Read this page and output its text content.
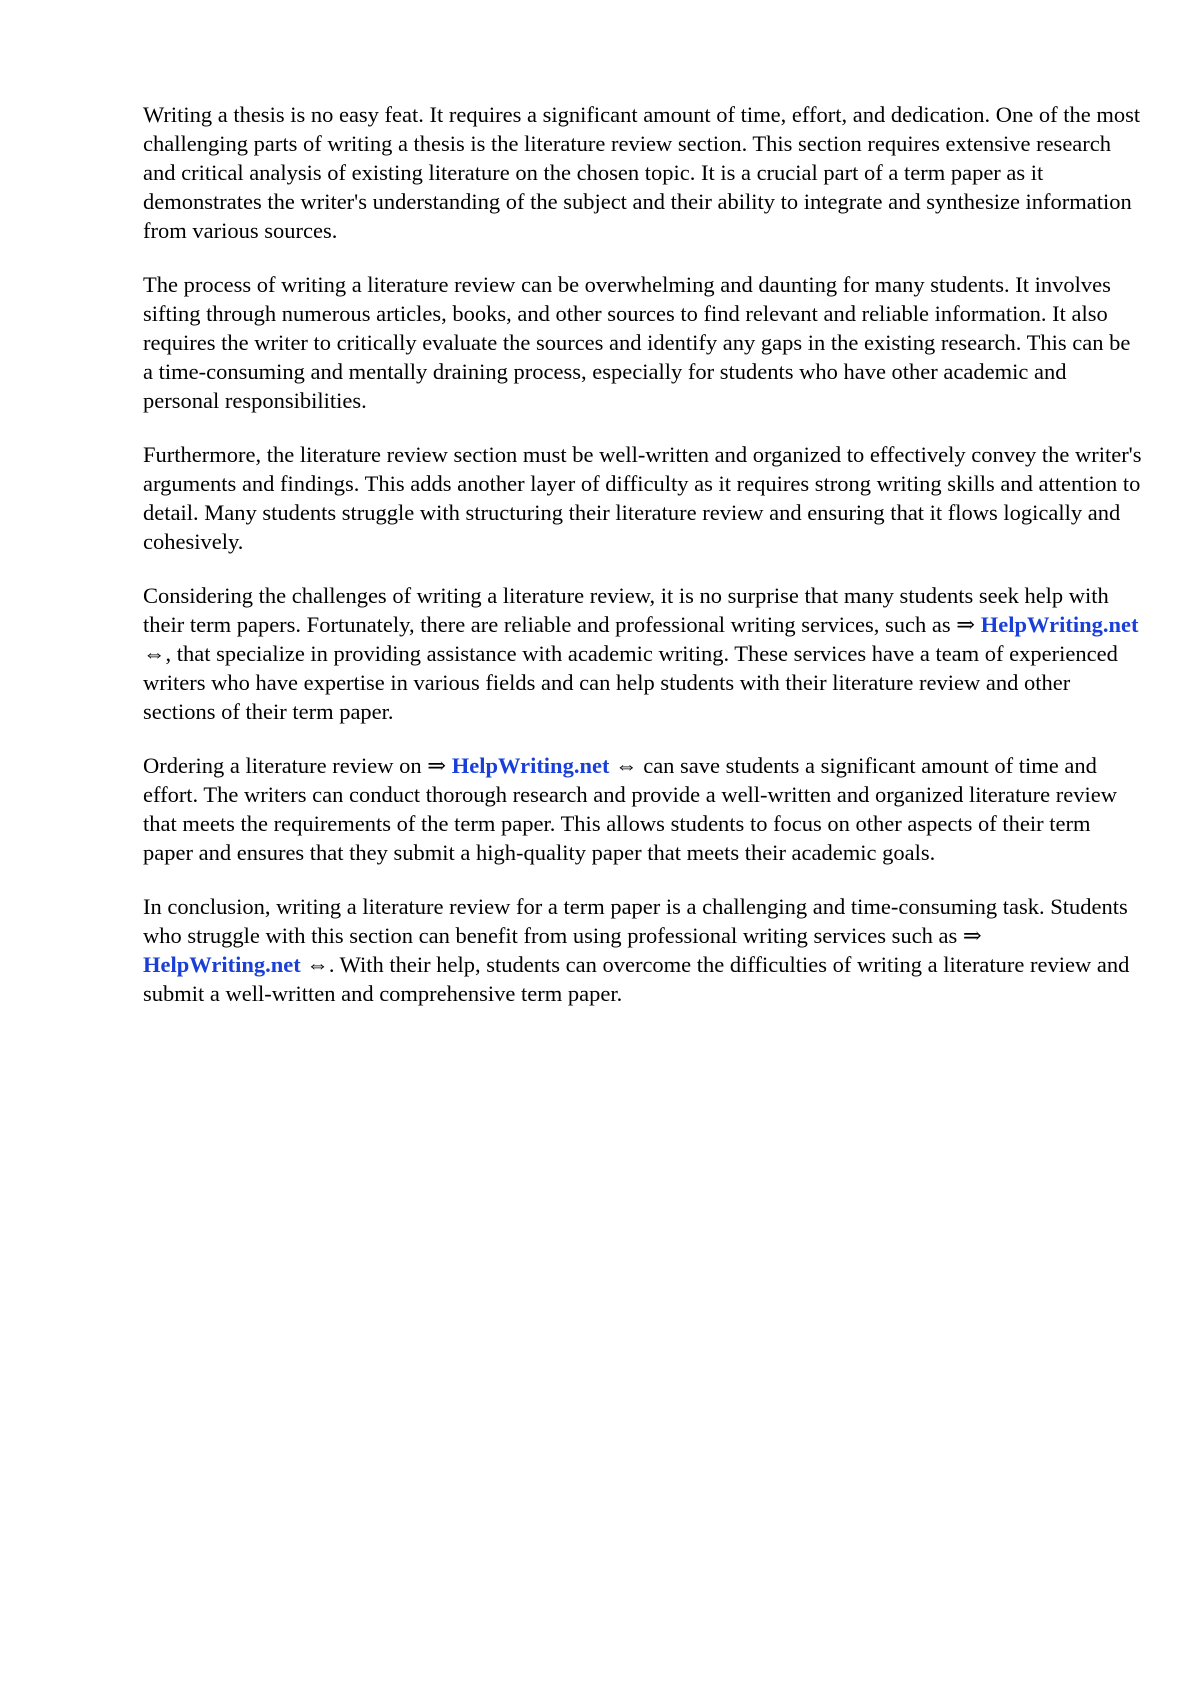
Writing a thesis is no easy feat. It requires a significant amount of time, effort, and dedication. One of the most challenging parts of writing a thesis is the literature review section. This section requires extensive research and critical analysis of existing literature on the chosen topic. It is a crucial part of a term paper as it demonstrates the writer's understanding of the subject and their ability to integrate and synthesize information from various sources.

The process of writing a literature review can be overwhelming and daunting for many students. It involves sifting through numerous articles, books, and other sources to find relevant and reliable information. It also requires the writer to critically evaluate the sources and identify any gaps in the existing research. This can be a time-consuming and mentally draining process, especially for students who have other academic and personal responsibilities.

Furthermore, the literature review section must be well-written and organized to effectively convey the writer's arguments and findings. This adds another layer of difficulty as it requires strong writing skills and attention to detail. Many students struggle with structuring their literature review and ensuring that it flows logically and cohesively.

Considering the challenges of writing a literature review, it is no surprise that many students seek help with their term papers. Fortunately, there are reliable and professional writing services, such as ⇒ HelpWriting.net ⇔, that specialize in providing assistance with academic writing. These services have a team of experienced writers who have expertise in various fields and can help students with their literature review and other sections of their term paper.

Ordering a literature review on ⇒ HelpWriting.net ⇔ can save students a significant amount of time and effort. The writers can conduct thorough research and provide a well-written and organized literature review that meets the requirements of the term paper. This allows students to focus on other aspects of their term paper and ensures that they submit a high-quality paper that meets their academic goals.

In conclusion, writing a literature review for a term paper is a challenging and time-consuming task. Students who struggle with this section can benefit from using professional writing services such as ⇒ HelpWriting.net ⇔. With their help, students can overcome the difficulties of writing a literature review and submit a well-written and comprehensive term paper.
